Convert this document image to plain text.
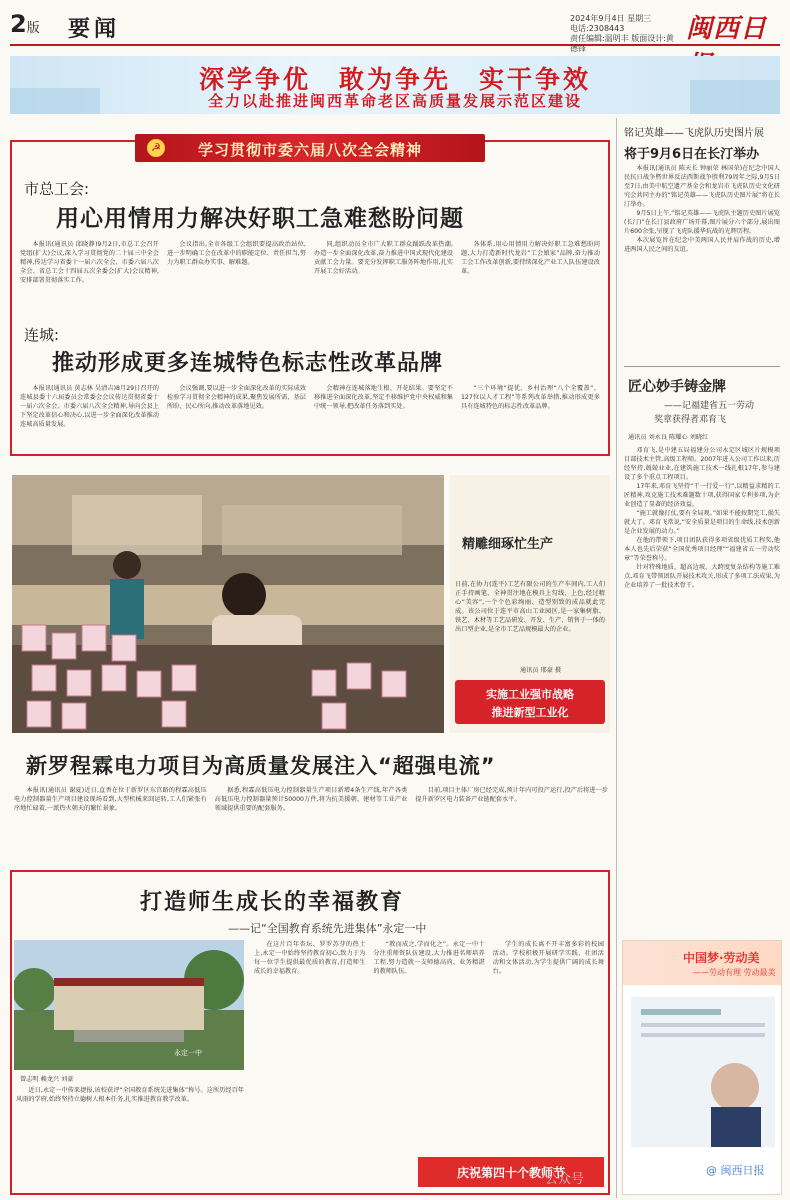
2版 要闻	2024年9月4日 星期三
电话:2308443
责任编辑:温明丰 版面设计:黄德锋
闽西日
深学争优　敢为争先　实干争效
全力以赴推进闽西革命老区高质量发展示范区建设
☭	学习贯彻市委六届八次全会精神
市总工会:
用心用情用力解决好职工急难愁盼问题
本报讯(通讯员 邱晓静)9月2日,市总工会召开党组(扩大)会议,深入学习贯彻党的二十届三中全会精神,传达学习省委十一届六次全会、市委六届八次全会、省总工会十四届五次全委会(扩大)会议精神,安排部署贯彻落实工作。
会议指出,全市各级工会组织要提高政治站位,进一步明确工会在改革中的职能定位、责任担当,努力为职工群众办实事、解难题。
同,组织动员全市广大职工群众踊跃改革热潮,办造一步全面深化改革,奋力推进中国式现代化建设贡献工会力量。要充分发挥职工服务阵地作用,扎实开展工会好活动。
各体系,用心用情用力解决好职工急难愁盼问题,大力打造新时代龙岩“工会娘家”品牌,奋力推动工会工作改革创新,要持续深化产业工人队伍建设改革。
连城:
推动形成更多连城特色标志性改革品牌
本报讯(通讯员 黄志林 吴清吉)8月29日召开的连城县委十六届委员会常委会会议传达贯彻省委十一届六次全会、市委六届八次全会精神,导向会县上下坚定改革信心和决心,以进一步全面深化改革推动连城高质量发展。
会议强调,要以进一步全面深化改革的实际成效检验学习贯彻全会精神的成果,聚焦发展所需、基层所盼、民心所向,推动改革落地见效。
会精神在连城落地生根、开花结果。要坚定不移推进全面深化改革,坚定不移维护党中央权威和集中统一领导,把改革任务落到实处。
“三个环境”提优、乡村治理“八个全覆盖”、127位以人才工程”等系列改革举措,推动形成更多具有连城特色的标志性改革品牌。
精雕细琢忙生产
日前,在协力(连平)工艺有限公司的生产车间内,工人们正手持画笔、全神贯注地在模具上勾线、上色,经过精心“美容”,一个个色彩绚丽、造型别致的成品就此完成。该公司位于连平市高山工业园区,是一家集树脂、铁艺、木材等工艺品研发、开发、生产、销售于一体的出口型企业,是全市工艺品规模最大的企业。
通讯员 邢豪 摄
实施工业强市战略
推进新型工业化
新罗程霖电力项目为高质量发展注入“超强电流”
本报讯(通讯员 谢夏)近日,直香在位于新罗区东宫路的程霖高低压电力控制器量生产项目建设现场看到,大型机械来回运转,工人们紧张有序地忙碌着,一派热火朝天的繁忙景象。
据悉,程霖高低压电力控制器量生产项目新增4条生产线,年产各类高低压电力控制器量预计50000万件,将为抗美援朝、建材等工业产业领域提供重要的配套服务。
目前,项目主体厂房已经完成,预计年内可投产运行,投产后将进一步提升新罗区电力装备产业链配套水平。
打造师生成长的幸福教育
——记“全国教育系统先进集体”永定一中
永定一中
曾志明 赖龙兴 刘豪
近日,永定一中传来捷报,该校获评“全国教育系统先进集体”称号。这所历经百年风雨的学府,始终坚持立德树人根本任务,扎实推进教育教学改革。
在这片百年杏坛、罗罗苏芽的热土上,永定一中始终坚持教育初心,致力于为每一位学生提供最优质的教育,打造师生成长的幸福教育。
“教而成之,学而化之”。永定一中十分注重师资队伍建设,大力推进名师培养工程,努力造就一支师德高尚、业务精湛的教师队伍。
学生的成长离不开丰富多彩的校园活动。学校积极开展研学实践、社团活动和文体活动,为学生提供广阔的成长舞台。
庆祝第四十个教师节
铭记英雄——飞虎队历史图片展
将于9月6日在长汀举办
本报讯(通讯员 陈天长 钟丽荣 林国荣)在纪念中国人民抗日战争暨世界反法西斯战争胜利79周年之际,9月5日至7日,由美中航空遗产基金会和龙岩市飞虎队历史文化研究会共同主办的“铭记英雄——飞虎队历史图片展”将在长汀举办。
9月5日上午,“铭记英雄——飞虎队主题历史图片展览(长汀)”在长汀县政府广场开幕,图片展分六个部分,展出图片600余张,呈现了飞虎队援华抗战的光辉历程。
本次展览旨在纪念中美两国人民并肩作战的历史,增进两国人民之间的友谊。
匠心妙手铸金牌
——记福建省五一劳动
奖章获得者邓育飞
通讯员 刘永良 陈耀心 刘晓红
邓育飞,是中建五局福建分公司永定区城区片规模项目部技术主管,高级工程师。2007年进入公司工作以来,历经坚持,兢兢业业,在建筑施工技术一线扎根17年,参与建设了多个重点工程项目。
17年来,邓育飞坚持“干一行爱一行”,以精益求精的工匠精神,攻克施工技术难题数十项,获得国家专利多项,为企业创造了显著的经济效益。
“施工就像打仗,要有全局观。”如果不能按期完工,损失就大了。邓育飞常说,“安全质量是项目的生命线,技术创新是企业发展的动力。”
在他的带领下,项目团队获得多项省级优质工程奖,他本人也先后荣获“全国优秀项目经理”“福建省五一劳动奖章”等荣誉称号。
针对特殊地质、超高边坡、大跨度复杂结构等施工难点,邓育飞带领团队开展技术攻关,形成了多项工法成果,为企业培养了一批技术骨干。
中国梦·劳动美
——劳动有理 劳动最美
公众号
@ 闽西日报
